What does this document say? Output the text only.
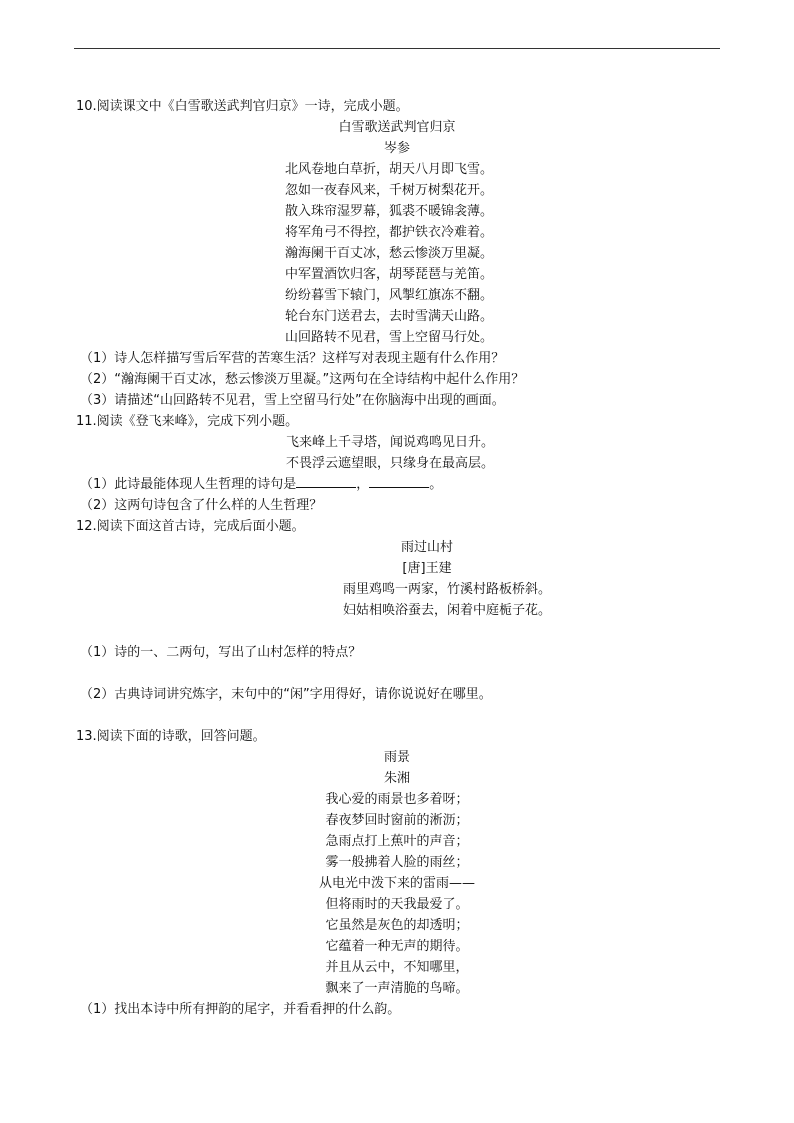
10.阅读课文中《白雪歌送武判官归京》一诗，完成小题。
白雪歌送武判官归京
岑参
北风卷地白草折，胡天八月即飞雪。
忽如一夜春风来，千树万树梨花开。
散入珠帘湿罗幕，狐裘不暖锦衾薄。
将军角弓不得控，都护铁衣冷难着。
瀚海阑干百丈冰，愁云惨淡万里凝。
中军置酒饮归客，胡琴琵琶与羌笛。
纷纷暮雪下辕门，风掣红旗冻不翻。
轮台东门送君去，去时雪满天山路。
山回路转不见君，雪上空留马行处。
（1）诗人怎样描写雪后军营的苦寒生活？这样写对表现主题有什么作用？
（2）“瀚海阑干百丈冰，愁云惨淡万里凝。”这两句在全诗结构中起什么作用？
（3）请描述“山回路转不见君，雪上空留马行处”在你脑海中出现的画面。
11.阅读《登飞来峰》，完成下列小题。
飞来峰上千寻塔，闻说鸡鸣见日升。
不畏浮云遮望眼，只缘身在最高层。
（1）此诗最能体现人生哲理的诗句是	，	。
（2）这两句诗包含了什么样的人生哲理？
12.阅读下面这首古诗，完成后面小题。
雨过山村
[唐]王建
雨里鸡鸣一两家，竹溪村路板桥斜。
妇姑相唤浴蚕去，闲着中庭栀子花。
（1）诗的一、二两句，写出了山村怎样的特点？
（2）古典诗词讲究炼字，末句中的“闲”字用得好，请你说说好在哪里。
13.阅读下面的诗歌，回答问题。
雨景
朱湘
我心爱的雨景也多着呀；
春夜梦回时窗前的淅沥；
急雨点打上蕉叶的声音；
雾一般拂着人脸的雨丝；
从电光中泼下来的雷雨——
但将雨时的天我最爱了。
它虽然是灰色的却透明；
它蕴着一种无声的期待。
并且从云中，不知哪里，
飘来了一声清脆的鸟啼。
（1）找出本诗中所有押韵的尾字，并看看押的什么韵。
